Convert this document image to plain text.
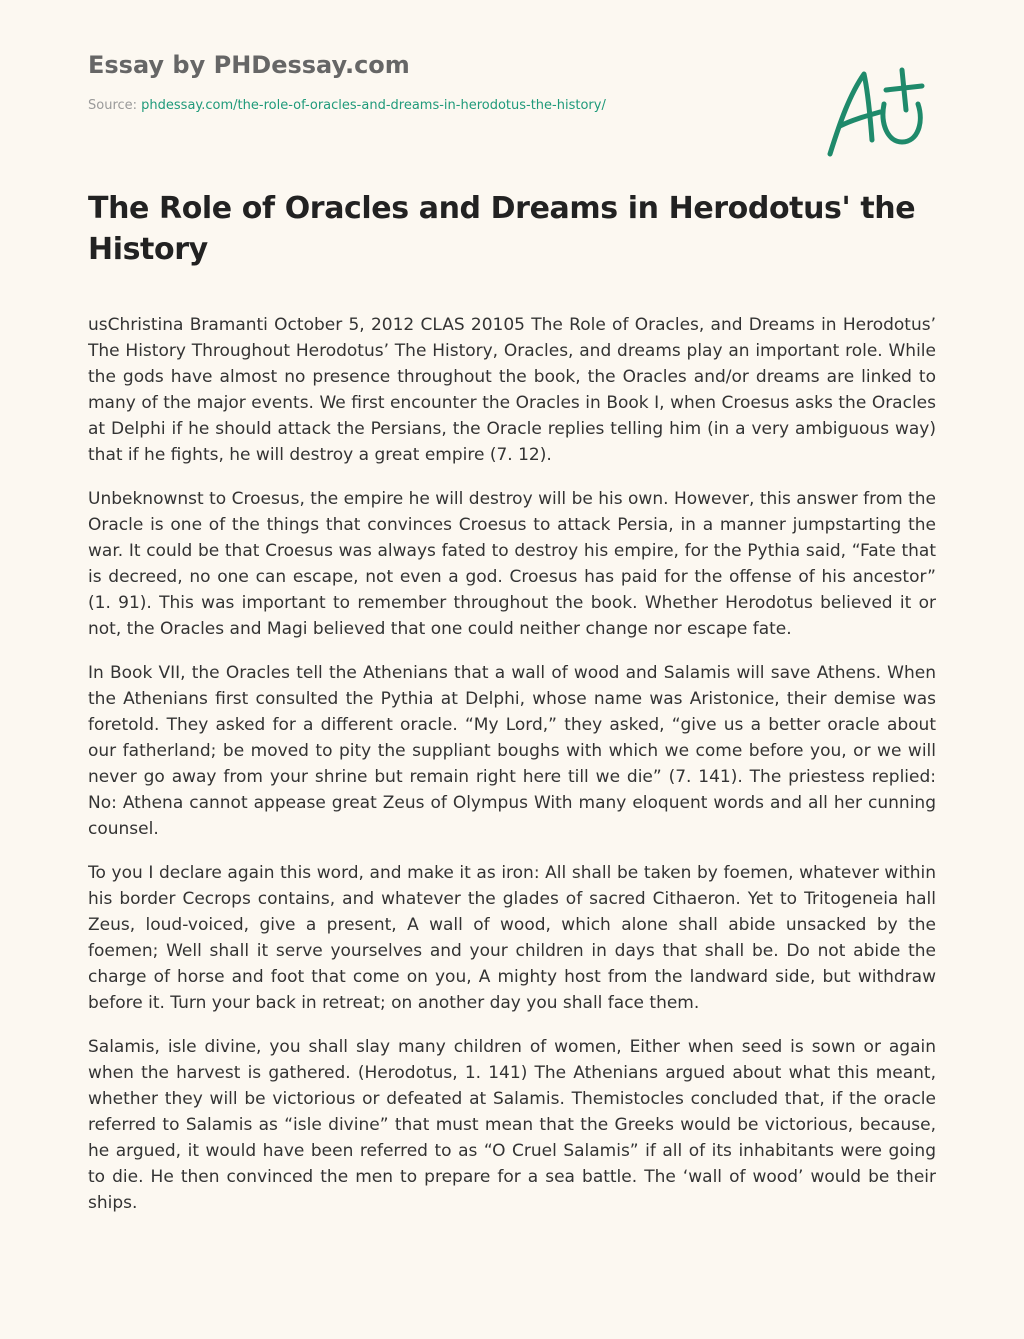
Essay by PHDessay.com
Source: phdessay.com/the-role-of-oracles-and-dreams-in-herodotus-the-history/
The Role of Oracles and Dreams in Herodotus' the History

usChristina Bramanti October 5, 2012 CLAS 20105 The Role of Oracles, and Dreams in Herodotus’ The History Throughout Herodotus’ The History, Oracles, and dreams play an important role. While the gods have almost no presence throughout the book, the Oracles and/or dreams are linked to many of the major events. We first encounter the Oracles in Book I, when Croesus asks the Oracles at Delphi if he should attack the Persians, the Oracle replies telling him (in a very ambiguous way) that if he fights, he will destroy a great empire (7. 12).

Unbeknownst to Croesus, the empire he will destroy will be his own. However, this answer from the Oracle is one of the things that convinces Croesus to attack Persia, in a manner jumpstarting the war. It could be that Croesus was always fated to destroy his empire, for the Pythia said, “Fate that is decreed, no one can escape, not even a god. Croesus has paid for the offense of his ancestor” (1. 91). This was important to remember throughout the book. Whether Herodotus believed it or not, the Oracles and Magi believed that one could neither change nor escape fate.

In Book VII, the Oracles tell the Athenians that a wall of wood and Salamis will save Athens. When the Athenians first consulted the Pythia at Delphi, whose name was Aristonice, their demise was foretold. They asked for a different oracle. “My Lord,” they asked, “give us a better oracle about our fatherland; be moved to pity the suppliant boughs with which we come before you, or we will never go away from your shrine but remain right here till we die” (7. 141). The priestess replied: No: Athena cannot appease great Zeus of Olympus With many eloquent words and all her cunning counsel.

To you I declare again this word, and make it as iron: All shall be taken by foemen, whatever within his border Cecrops contains, and whatever the glades of sacred Cithaeron. Yet to Tritogeneia hall Zeus, loud-voiced, give a present, A wall of wood, which alone shall abide unsacked by the foemen; Well shall it serve yourselves and your children in days that shall be. Do not abide the charge of horse and foot that come on you, A mighty host from the landward side, but withdraw before it. Turn your back in retreat; on another day you shall face them.

Salamis, isle divine, you shall slay many children of women, Either when seed is sown or again when the harvest is gathered. (Herodotus, 1. 141) The Athenians argued about what this meant, whether they will be victorious or defeated at Salamis. Themistocles concluded that, if the oracle referred to Salamis as “isle divine” that must mean that the Greeks would be victorious, because, he argued, it would have been referred to as “O Cruel Salamis” if all of its inhabitants were going to die. He then convinced the men to prepare for a sea battle. The ‘wall of wood’ would be their ships.
